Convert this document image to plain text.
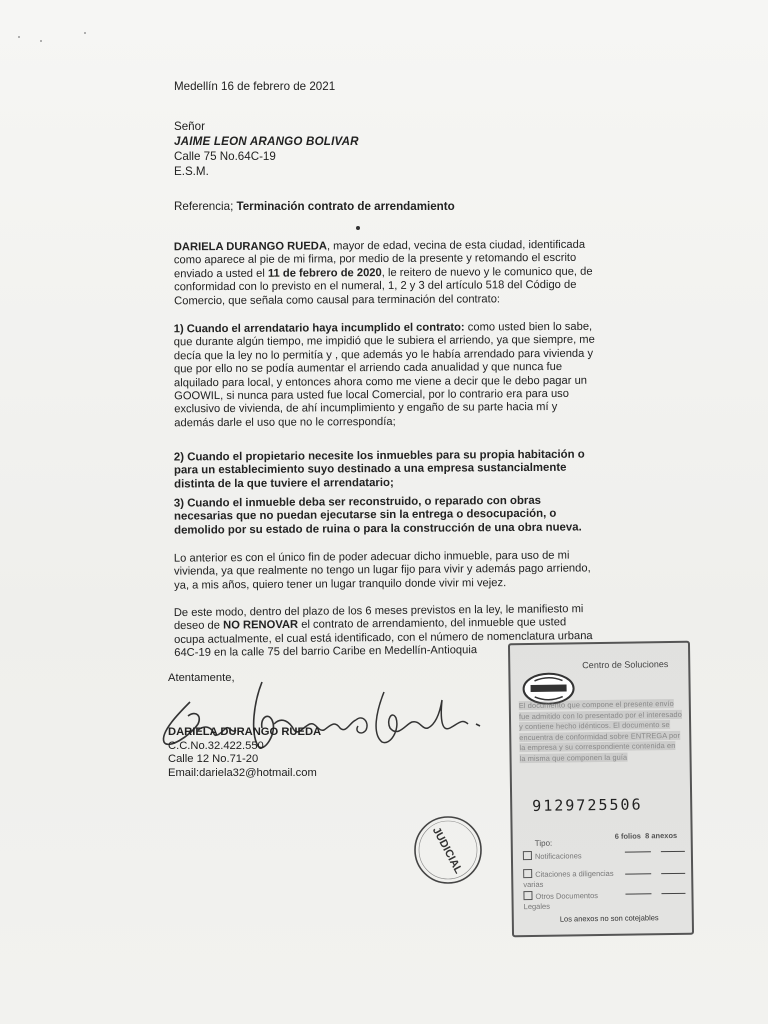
Medellín 16 de febrero de 2021
Señor
JAIME LEON ARANGO BOLIVAR
Calle 75 No.64C-19
E.S.M.
Referencia; Terminación contrato de arrendamiento
DARIELA DURANGO RUEDA, mayor de edad, vecina de esta ciudad, identificada como aparece al pie de mi firma, por medio de la presente y retomando el escrito enviado a usted el 11 de febrero de 2020, le reitero de nuevo y le comunico que, de conformidad con lo previsto en el numeral, 1, 2 y 3 del artículo 518 del Código de Comercio, que señala como causal para terminación del contrato:
1) Cuando el arrendatario haya incumplido el contrato: como usted bien lo sabe, que durante algún tiempo, me impidió que le subiera el arriendo, ya que siempre, me decía que la ley no lo permitía y , que además yo le había arrendado para vivienda y que por ello no se podía aumentar el arriendo cada anualidad y que nunca fue alquilado para local, y entonces ahora como me viene a decir que le debo pagar un GOOWIL, si nunca para usted fue local Comercial, por lo contrario era para uso exclusivo de vivienda, de ahí incumplimiento y engaño de su parte hacia mí y además darle el uso que no le correspondía;
2) Cuando el propietario necesite los inmuebles para su propia habitación o para un establecimiento suyo destinado a una empresa sustancialmente distinta de la que tuviere el arrendatario;
3) Cuando el inmueble deba ser reconstruido, o reparado con obras necesarias que no puedan ejecutarse sin la entrega o desocupación, o demolido por su estado de ruina o para la construcción de una obra nueva.
Lo anterior es con el único fin de poder adecuar dicho inmueble, para uso de mi vivienda, ya que realmente no tengo un lugar fijo para vivir y además pago arriendo, ya, a mis años, quiero tener un lugar tranquilo donde vivir mi vejez.
De este modo, dentro del plazo de los 6 meses previstos en la ley, le manifiesto mi deseo de NO RENOVAR el contrato de arrendamiento, del inmueble que usted ocupa actualmente, el cual está identificado, con el número de nomenclatura urbana 64C-19 en la calle 75 del barrio Caribe en Medellín-Antioquia
Atentamente,
DARIELA DURANGO RUEDA
C.C.No.32.422.550
Calle 12 No.71-20
Email:dariela32@hotmail.com
JUDICIAL
Centro de Soluciones
El documento que compone el presente envío fue admitido con lo presentado por el interesado y contiene hecho idénticos. El documento se encuentra de conformidad sobre ENTREGA por la empresa y su correspondiente contenida en la misma que componen la guía
9129725506
Tipo:
6 folios 8 anexos
Notificaciones
Citaciones a diligencias varias
Otros Documentos Legales
Los anexos no son cotejables
